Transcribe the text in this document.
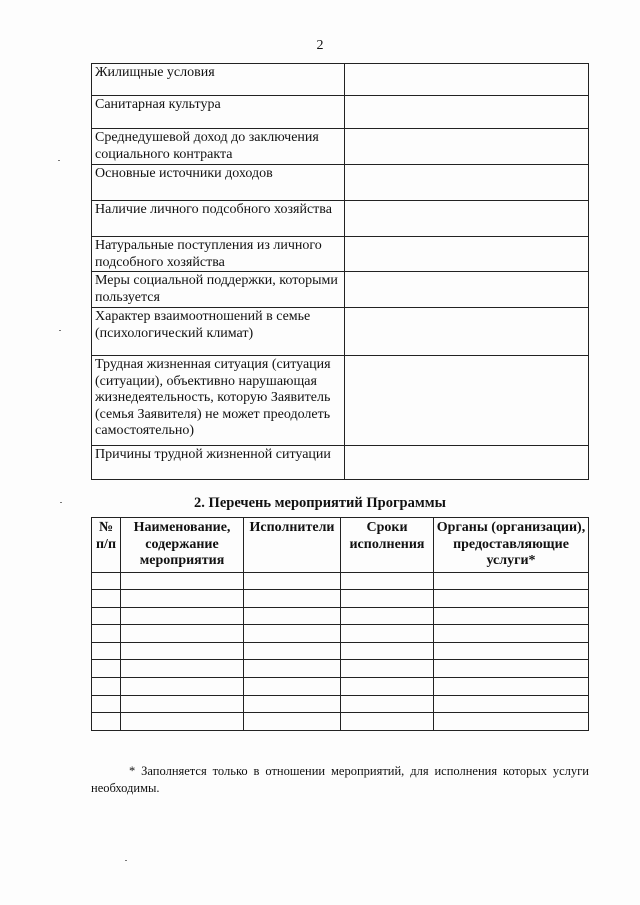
2
Жилищные условия	
Санитарная культура	
Среднедушевой доход до заключения социального контракта	
Основные источники доходов	
Наличие личного подсобного хозяйства	
Натуральные поступления из личного подсобного хозяйства	
Меры социальной поддержки, которыми пользуется	
Характер взаимоотношений в семье (психологический климат)	
Трудная жизненная ситуация (ситуация (ситуации), объективно нарушающая жизнедеятельность, которую Заявитель (семья Заявителя) не может преодолеть самостоятельно)	
Причины трудной жизненной ситуации	
2. Перечень мероприятий Программы
№ п/п	Наименование, содержание мероприятия	Исполнители	Сроки исполнения	Органы (организации), предоставляющие услуги*

* Заполняется только в отношении мероприятий, для исполнения которых услуги необходимы.
